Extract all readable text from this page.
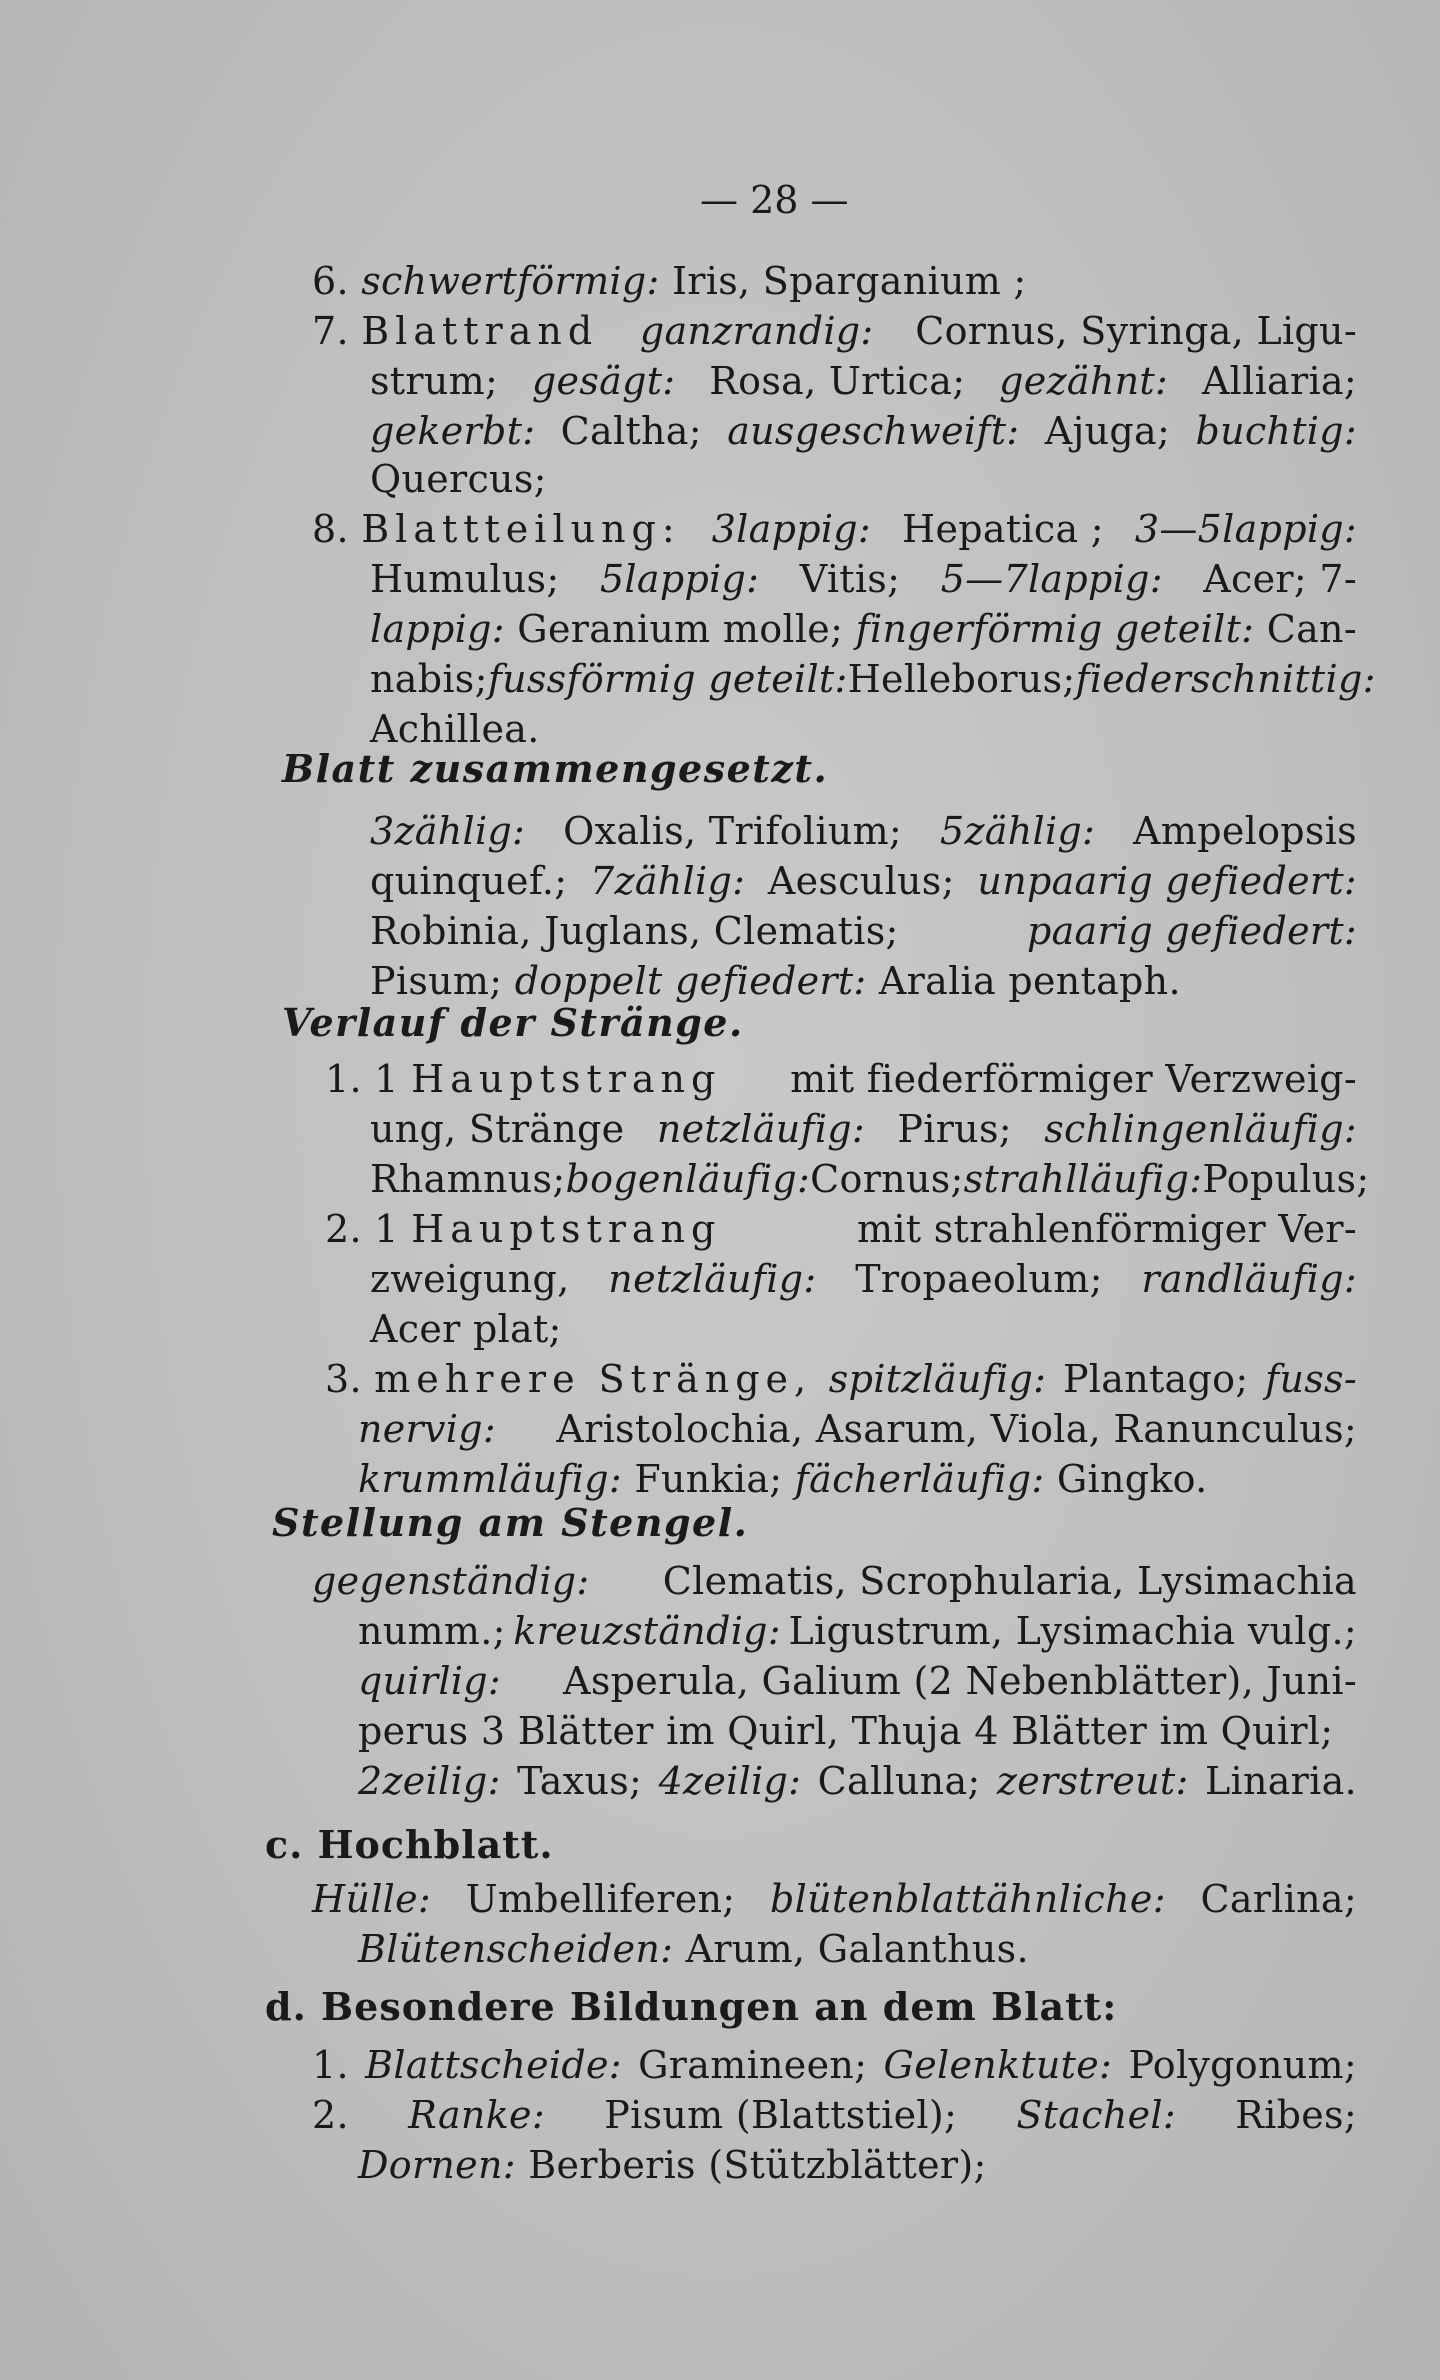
— 28 —
6. schwertförmig: Iris, Sparganium ;
7. Blattrand ganzrandig: Cornus, Syringa, Ligu-
strum; gesägt: Rosa, Urtica; gezähnt: Alliaria;
gekerbt: Caltha; ausgeschweift: Ajuga; buchtig:
Quercus;
8. Blattteilung: 3lappig: Hepatica ; 3—5lappig:
Humulus; 5lappig: Vitis; 5—7lappig: Acer; 7-
lappig: Geranium molle; fingerförmig geteilt: Can-
nabis; fussförmig geteilt: Helleborus; fiederschnittig:
Achillea.
Blatt zusammengesetzt.
3zählig: Oxalis, Trifolium; 5zählig: Ampelopsis
quinquef.; 7zählig: Aesculus; unpaarig gefiedert:
Robinia, Juglans, Clematis;	paarig gefiedert:
Pisum; doppelt gefiedert: Aralia pentaph.
Verlauf der Stränge.
1. 1 Hauptstrang mit fiederförmiger Verzweig-
ung, Stränge netzläufig: Pirus; schlingenläufig:
Rhamnus; bogenläufig: Cornus; strahlläufig: Populus;
2. 1 Hauptstrang	mit strahlenförmiger Ver-
zweigung, netzläufig: Tropaeolum; randläufig:
Acer plat;
3. mehrere Stränge, spitzläufig: Plantago; fuss-
nervig: Aristolochia, Asarum, Viola, Ranunculus;
krummläufig: Funkia; fächerläufig: Gingko.
Stellung am Stengel.
gegenständig: Clematis, Scrophularia, Lysimachia
numm.; kreuzständig: Ligustrum, Lysimachia vulg.;
quirlig: Asperula, Galium (2 Nebenblätter), Juni-
perus 3 Blätter im Quirl, Thuja 4 Blätter im Quirl;
2zeilig: Taxus; 4zeilig: Calluna; zerstreut: Linaria.
c. Hochblatt.
Hülle: Umbelliferen; blütenblattähnliche: Carlina;
Blütenscheiden: Arum, Galanthus.
d. Besondere Bildungen an dem Blatt:
1. Blattscheide: Gramineen; Gelenktute: Polygonum;
2. Ranke: Pisum (Blattstiel); Stachel: Ribes;
Dornen: Berberis (Stützblätter);
